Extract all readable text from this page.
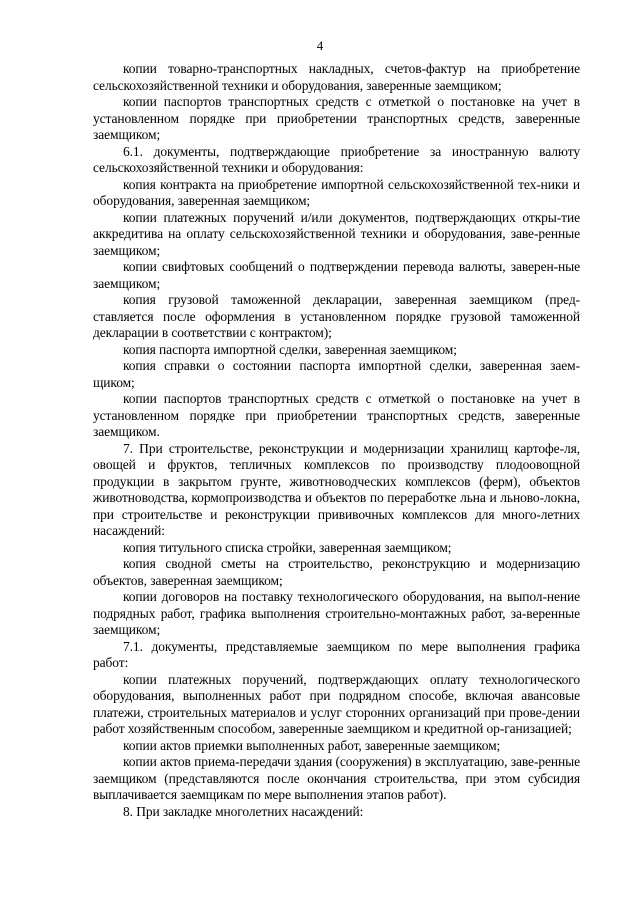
4

копии товарно-транспортных накладных, счетов-фактур на приобретение сельскохозяйственной техники и оборудования, заверенные заемщиком;

копии паспортов транспортных средств с отметкой о постановке на учет в установленном порядке при приобретении транспортных средств, заверенные заемщиком;

6.1. документы, подтверждающие приобретение за иностранную валюту сельскохозяйственной техники и оборудования:

копия контракта на приобретение импортной сельскохозяйственной тех-ники и оборудования, заверенная заемщиком;

копии платежных поручений и/или документов, подтверждающих откры-тие аккредитива на оплату сельскохозяйственной техники и оборудования, заве-ренные заемщиком;

копии свифтовых сообщений о подтверждении перевода валюты, заверен-ные заемщиком;

копия грузовой таможенной декларации, заверенная заемщиком (пред-ставляется после оформления в установленном порядке грузовой таможенной декларации в соответствии с контрактом);

копия паспорта импортной сделки, заверенная заемщиком;

копия справки о состоянии паспорта импортной сделки, заверенная заем-щиком;

копии паспортов транспортных средств с отметкой о постановке на учет в установленном порядке при приобретении транспортных средств, заверенные заемщиком.

7. При строительстве, реконструкции и модернизации хранилищ картофе-ля, овощей и фруктов, тепличных комплексов по производству плодоовощной продукции в закрытом грунте, животноводческих комплексов (ферм), объектов животноводства, кормопроизводства и объектов по переработке льна и льново-локна, при строительстве и реконструкции прививочных комплексов для много-летних насаждений:

копия титульного списка стройки, заверенная заемщиком;

копия сводной сметы на строительство, реконструкцию и модернизацию объектов, заверенная заемщиком;

копии договоров на поставку технологического оборудования, на выпол-нение подрядных работ, графика выполнения строительно-монтажных работ, за-веренные заемщиком;

7.1. документы, представляемые заемщиком по мере выполнения графика работ:

копии платежных поручений, подтверждающих оплату технологического оборудования, выполненных работ при подрядном способе, включая авансовые платежи, строительных материалов и услуг сторонних организаций при прове-дении работ хозяйственным способом, заверенные заемщиком и кредитной ор-ганизацией;

копии актов приемки выполненных работ, заверенные заемщиком;

копии актов приема-передачи здания (сооружения) в эксплуатацию, заве-ренные заемщиком (представляются после окончания строительства, при этом субсидия выплачивается заемщикам по мере выполнения этапов работ).

8. При закладке многолетних насаждений:
